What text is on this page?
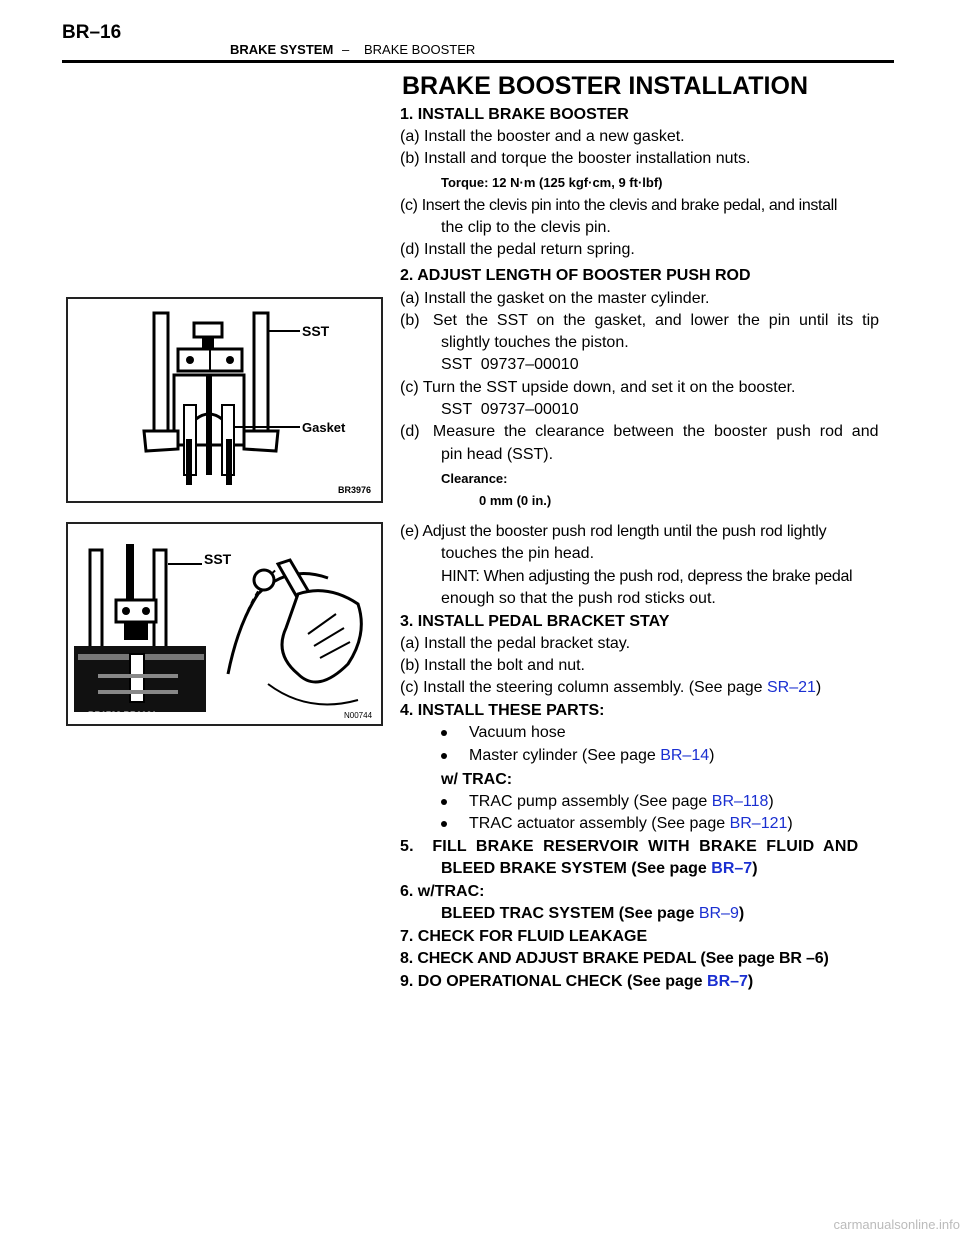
BR–16
BRAKE SYSTEM – BRAKE BOOSTER
BRAKE BOOSTER INSTALLATION
1. INSTALL BRAKE BOOSTER
(a) Install the booster and a new gasket.
(b) Install and torque the booster installation nuts.
Torque: 12 N·m (125 kgf·cm, 9 ft·lbf)
(c) Insert the clevis pin into the clevis and brake pedal, and install
the clip to the clevis pin.
(d) Install the pedal return spring.
2. ADJUST LENGTH OF BOOSTER PUSH ROD
(a) Install the gasket on the master cylinder.
(b)   Set  the  SST  on  the  gasket,  and  lower  the  pin  until  its  tip
slightly touches the piston.
SST  09737–00010
(c) Turn the SST upside down, and set it on the booster.
SST  09737–00010
(d)   Measure  the  clearance  between  the  booster  push  rod  and
pin head (SST).
Clearance:
0 mm (0 in.)
(e) Adjust the booster push rod length until the push rod lightly
touches the pin head.
HINT: When adjusting the push rod, depress the brake pedal
enough so that the push rod sticks out.
3. INSTALL PEDAL BRACKET STAY
(a) Install the pedal bracket stay.
(b) Install the bolt and nut.
(c) Install the steering column assembly. (See page SR–21)
4. INSTALL THESE PARTS:
Vacuum hose
Master cylinder (See page BR–14)
w/ TRAC:
TRAC pump assembly (See page BR–118)
TRAC actuator assembly (See page BR–121)
5.    FILL  BRAKE  RESERVOIR  WITH  BRAKE  FLUID  AND
BLEED BRAKE SYSTEM (See page BR–7)
6. w/TRAC:
BLEED TRAC SYSTEM (See page BR–9)
7. CHECK FOR FLUID LEAKAGE
8. CHECK AND ADJUST BRAKE PEDAL (See page BR –6)
9. DO OPERATIONAL CHECK (See page BR–7)
SST
Gasket
BR3976
SST
BR1728 BR0021	N00744
carmanualsonline.info
